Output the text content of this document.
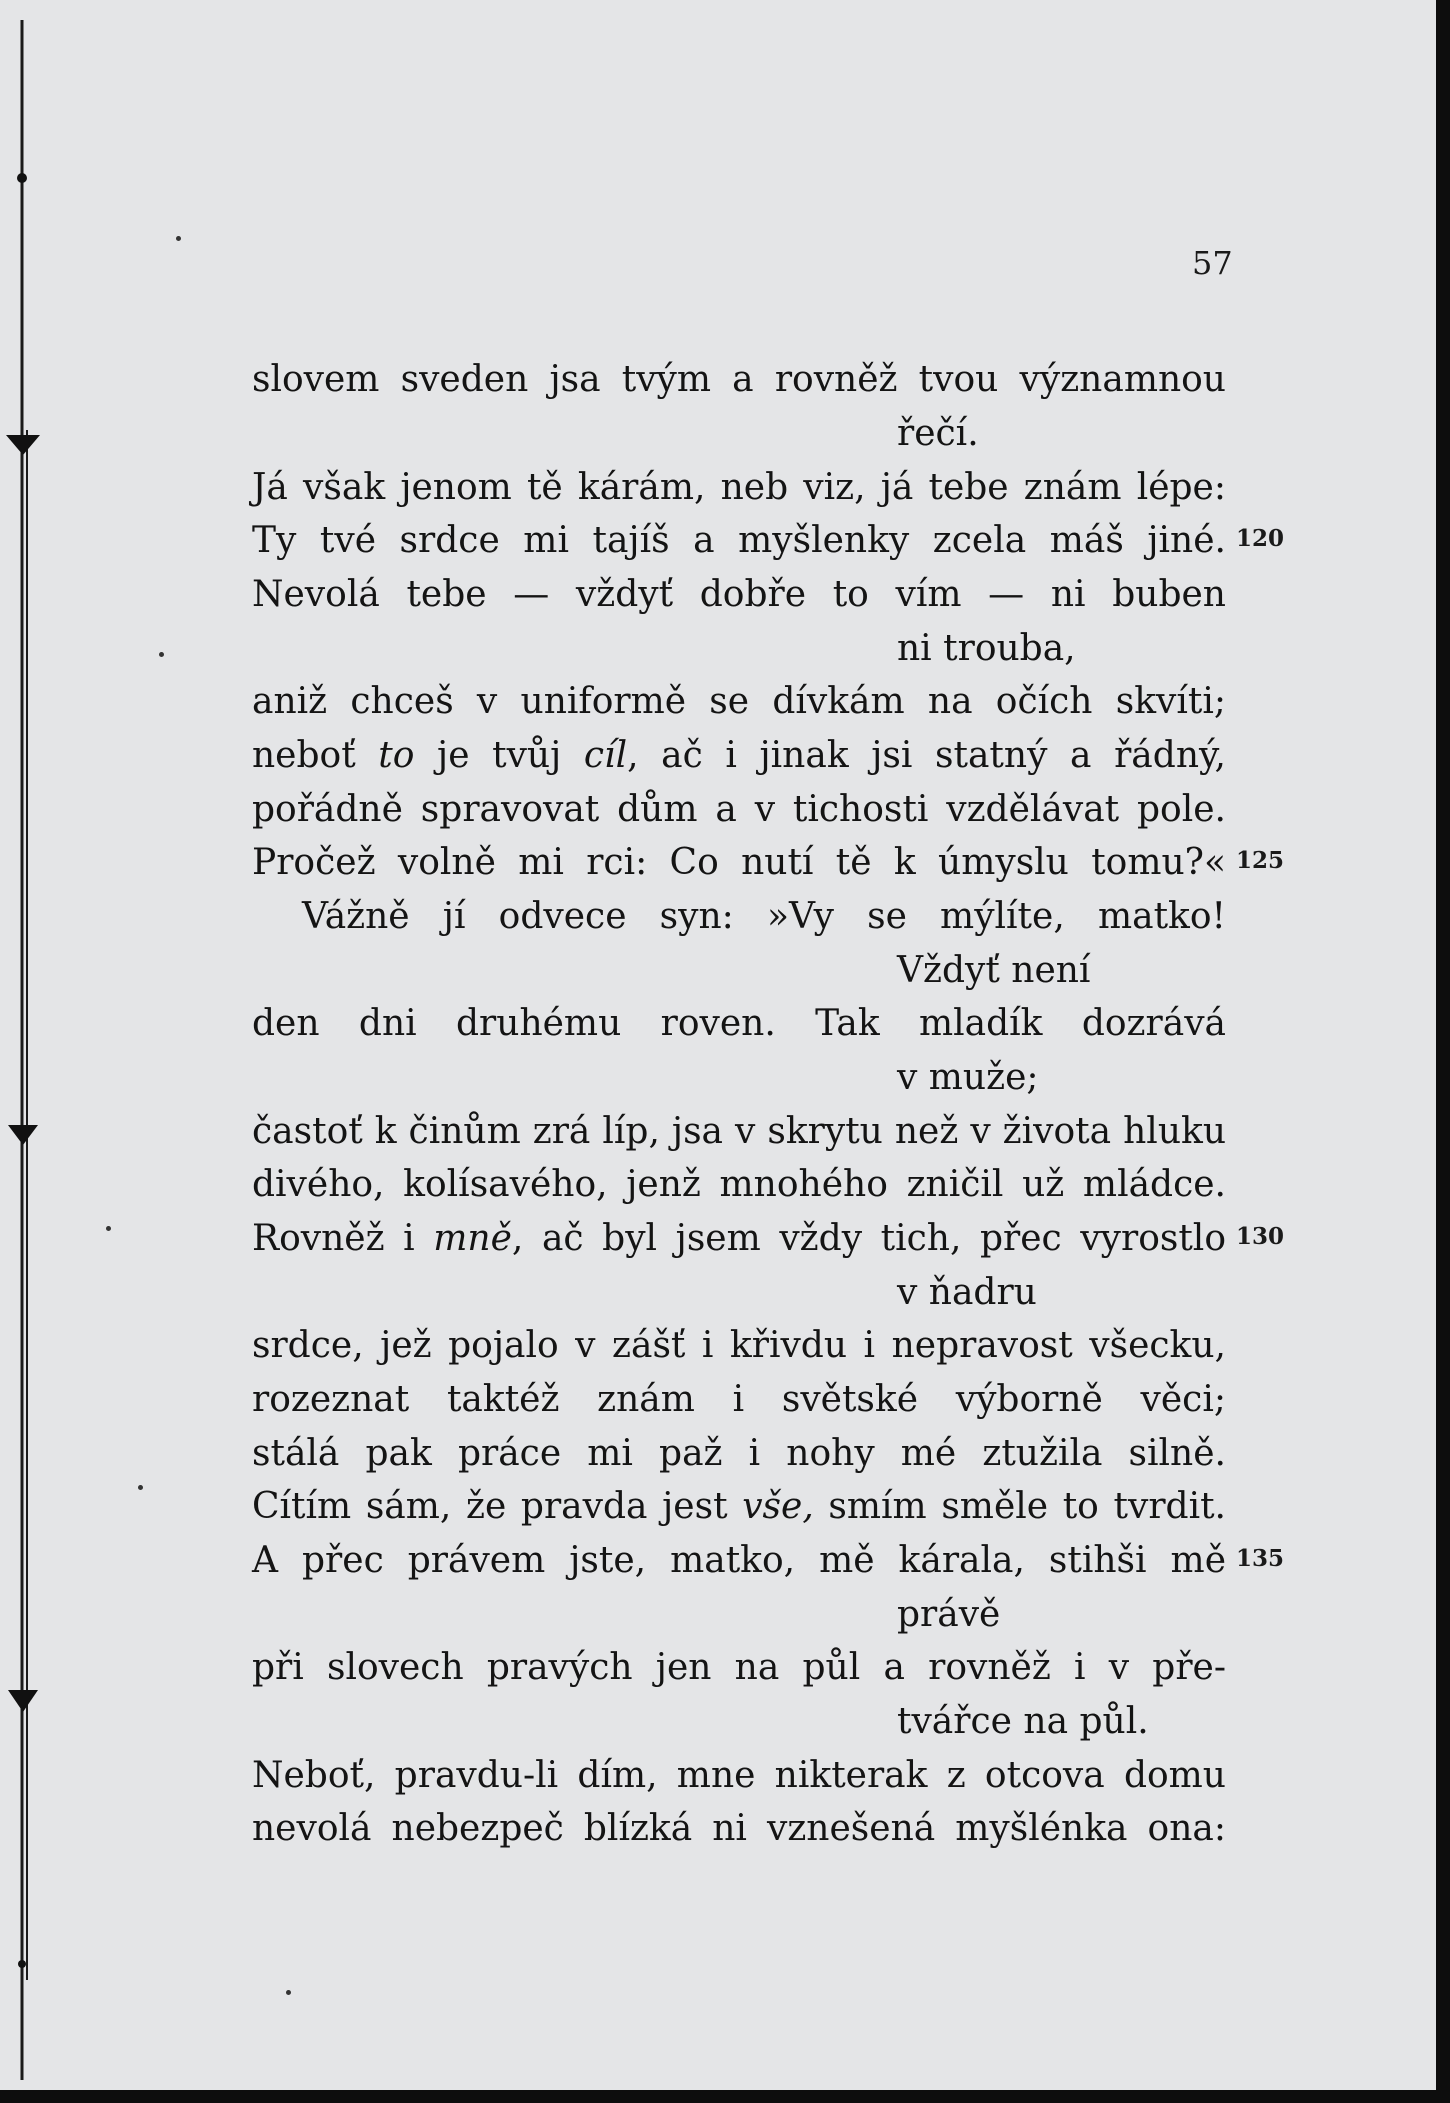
57
slovem sveden jsa tvým a rovněž tvou významnou
řečí.
Já však jenom tě kárám, neb viz, já tebe znám lépe:
Ty tvé srdce mi tajíš a myšlenky zcela máš jiné.
Nevolá tebe — vždyť dobře to vím — ni buben
ni trouba,
aniž chceš v uniformě se dívkám na očích skvíti;
neboť to je tvůj cíl, ač i jinak jsi statný a řádný,
pořádně spravovat dům a v tichosti vzdělávat pole.
Pročež volně mi rci: Co nutí tě k úmyslu tomu?«
Vážně jí odvece syn: »Vy se mýlíte, matko!
Vždyť není
den dni druhému roven. Tak mladík dozrává
v muže;
častoť k činům zrá líp, jsa v skrytu než v života hluku
divého, kolísavého, jenž mnohého zničil už mládce.
Rovněž i mně, ač byl jsem vždy tich, přec vyrostlo
v ňadru
srdce, jež pojalo v zášť i křivdu i nepravost všecku,
rozeznat taktéž znám i světské výborně věci;
stálá pak práce mi paž i nohy mé ztužila silně.
Cítím sám, že pravda jest vše, smím směle to tvrdit.
A přec právem jste, matko, mě kárala, stihši mě
právě
při slovech pravých jen na půl a rovněž i v pře-
tvářce na půl.
Neboť, pravdu-li dím, mne nikterak z otcova domu
nevolá nebezpeč blízká ni vznešená myšlénka ona:
120
125
130
135
